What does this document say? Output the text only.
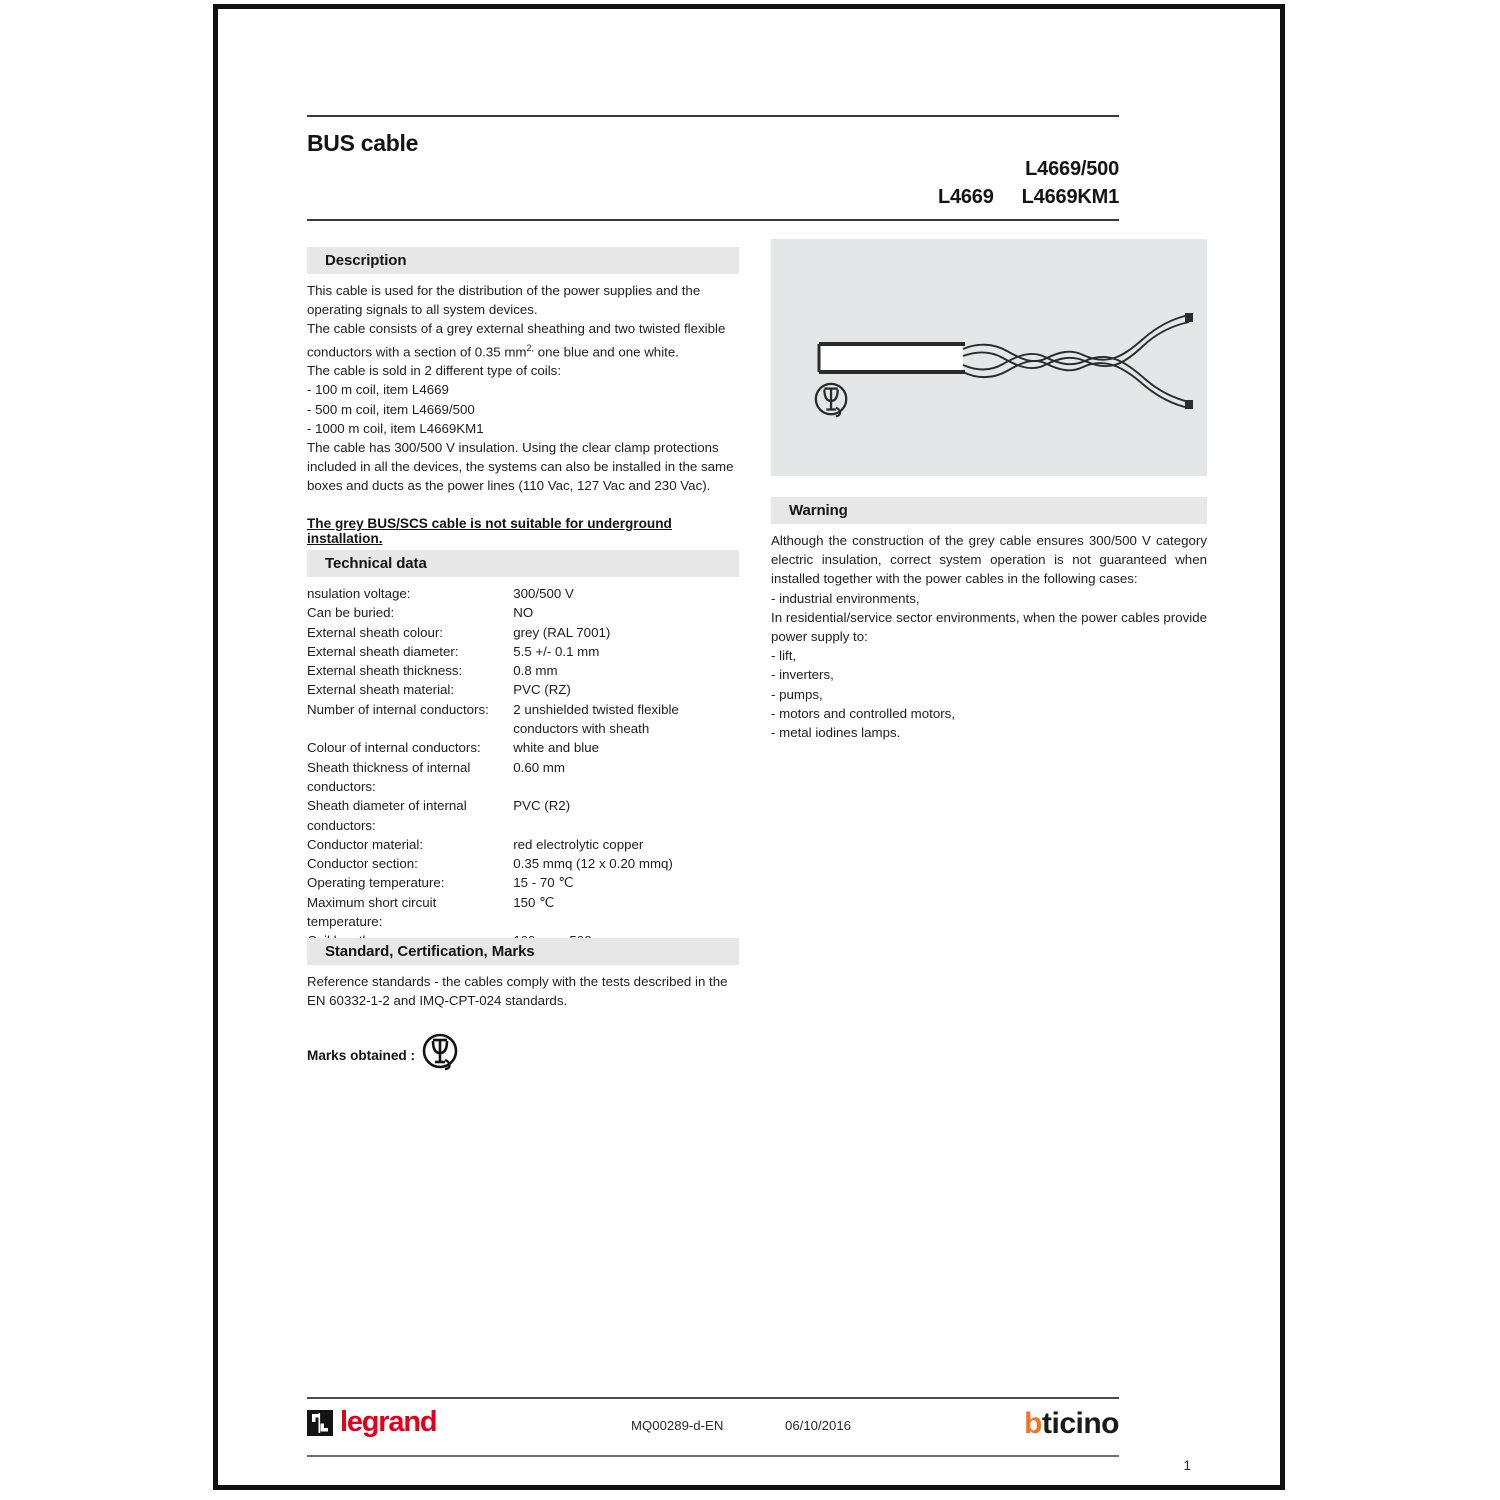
BUS cable
L4669/500
L4669 L4669KM1
Description

This cable is used for the distribution of the power supplies and the operating signals to all system devices.

The cable consists of a grey external sheathing and two twisted flexible conductors with a section of 0.35 $mm^{2,}$ one blue and one white.

The cable is sold in 2 different type of coils:

- 100 m coil, item L4669

- 500 m coil, item L4669/500

- 1000 m coil, item L4669KM1

The cable has 300/500 V insulation. Using the clear clamp protections included in all the devices, the systems can also be installed in the same boxes and ducts as the power lines (110 Vac, 127 Vac and 230 Vac).

The grey BUS/SCS cable is not suitable for underground installation.
Technical data
nsulation voltage:	300/500 V
Can be buried:	NO
External sheath colour:	grey (RAL 7001)
External sheath diameter:	5.5 +/- 0.1 mm
External sheath thickness:	0.8 mm
External sheath material:	PVC (RZ)
Number of internal conductors:	2 unshielded twisted flexible conductors with sheath
Colour of internal conductors:	white and blue
Sheath thickness of internal conductors:	0.60 mm
Sheath diameter of internal conductors:	PVC (R2)
Conductor material:	red electrolytic copper
Conductor section:	0.35 mmq (12 x 0.20 mmq)
Operating temperature:	15 - 70 ℃
Maximum short circuit temperature:	150 ℃

Standard, Certification, Marks

Reference standards - the cables comply with the tests described in the EN 60332-1-2 and IMQ-CPT-024 standards.

Marks obtained :
Warning

Although the construction of the grey cable ensures 300/500 V category electric insulation, correct system operation is not guaranteed when installed together with the power cables in the following cases:

- industrial environments,

In residential/service sector environments, when the power cables provide power supply to:

- lift,

- inverters,

- pumps,

- motors and controlled motors,

- metal iodines lamps.

legrand	MQ00289-d-EN	06/10/2016	b ticino
1
